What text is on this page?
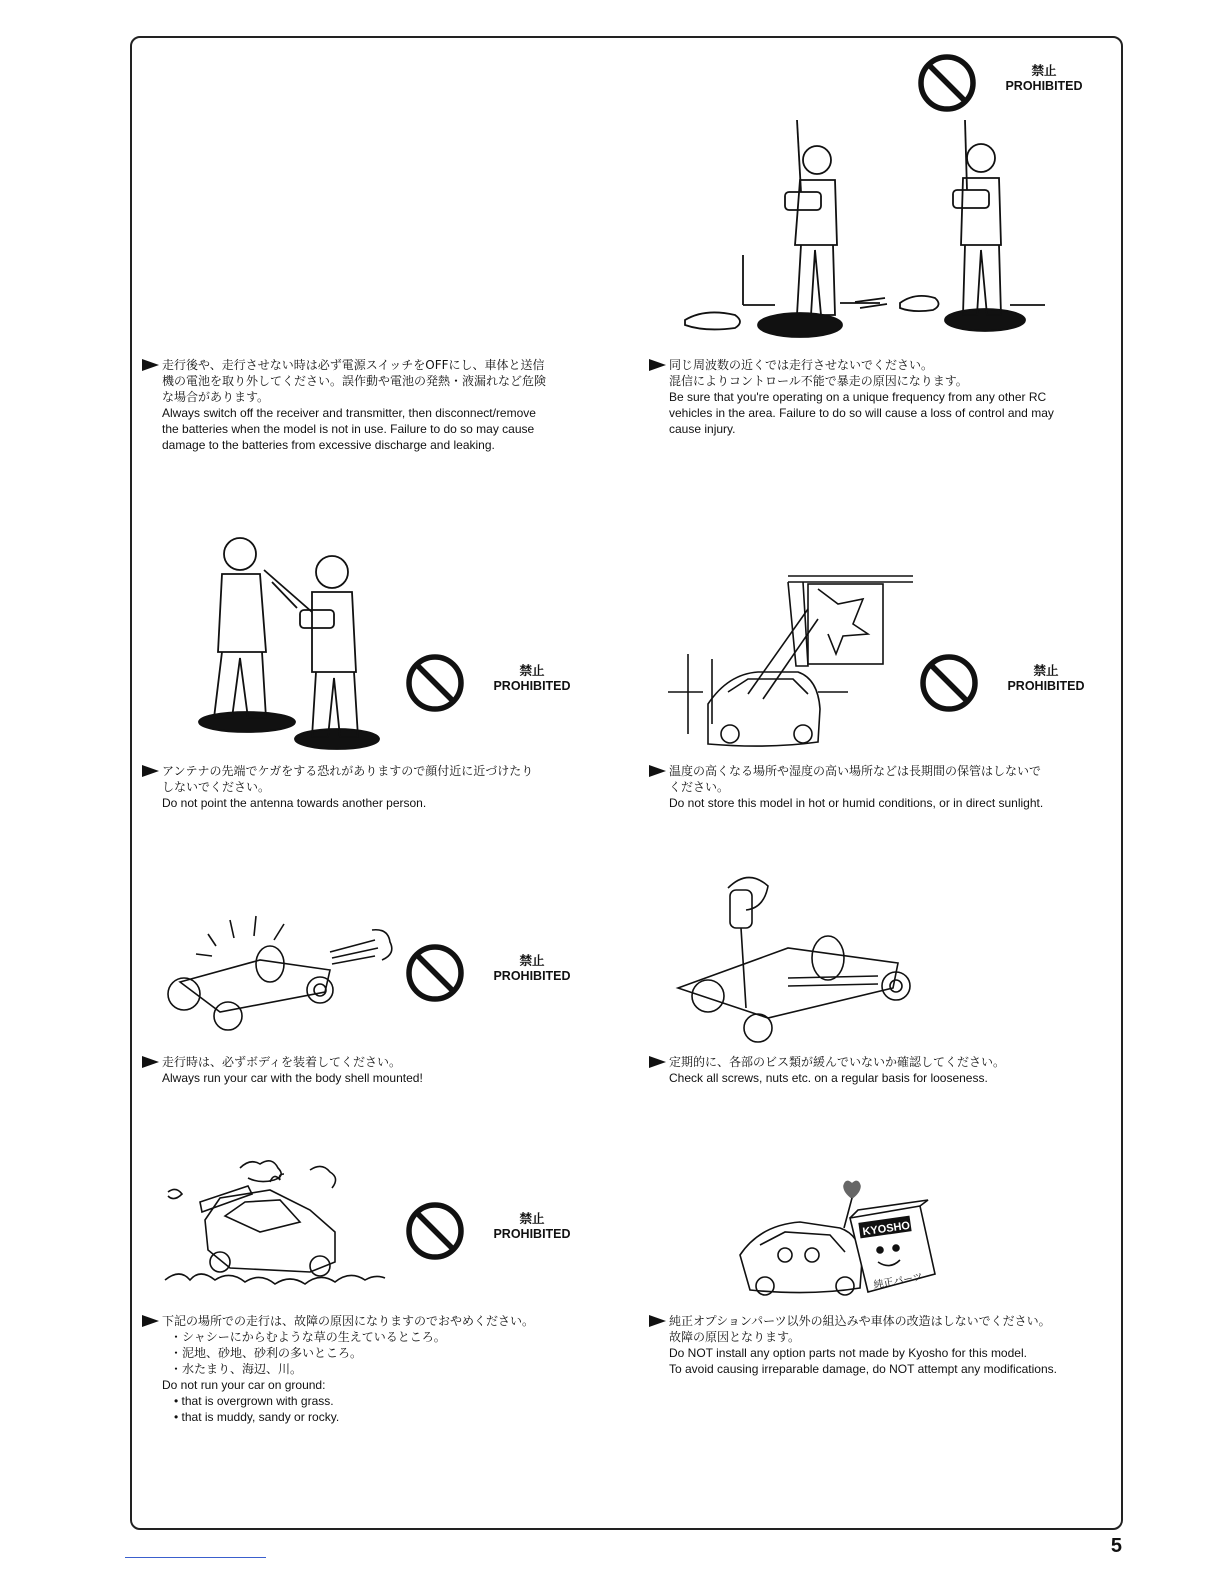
禁止
PROHIBITED
禁止
PROHIBITED
禁止
PROHIBITED
禁止
PROHIBITED
禁止
PROHIBITED	KYOSHO
純正パーツ
走行後や、走行させない時は必ず電源スイッチをOFFにし、車体と送信
機の電池を取り外してください。誤作動や電池の発熱・液漏れなど危険
な場合があります。
Always switch off the receiver and transmitter, then disconnect/remove
the batteries when the model is not in use. Failure to do so may cause
damage to the batteries from excessive discharge and leaking.
同じ周波数の近くでは走行させないでください。
混信によりコントロール不能で暴走の原因になります。
Be sure that you're operating on a unique frequency from any other RC
vehicles in the area. Failure to do so will cause a loss of control and may
cause injury.
アンテナの先端でケガをする恐れがありますので顔付近に近づけたり
しないでください。
Do not point the antenna towards another person.
温度の高くなる場所や湿度の高い場所などは長期間の保管はしないで
ください。
Do not store this model in hot or humid conditions, or in direct sunlight.
走行時は、必ずボディを装着してください。
Always run your car with the body shell mounted!
定期的に、各部のビス類が緩んでいないか確認してください。
Check all screws, nuts etc. on a regular basis for looseness.
下記の場所での走行は、故障の原因になりますのでおやめください。
・シャシーにからむような草の生えているところ。
・泥地、砂地、砂利の多いところ。
・水たまり、海辺、川。
Do not run your car on ground:
• that is overgrown with grass.
• that is muddy, sandy or rocky.
純正オプションパーツ以外の組込みや車体の改造はしないでください。
故障の原因となります。
Do NOT install any option parts not made by Kyosho for this model.
To avoid causing irreparable damage, do NOT attempt any modifications.
5
